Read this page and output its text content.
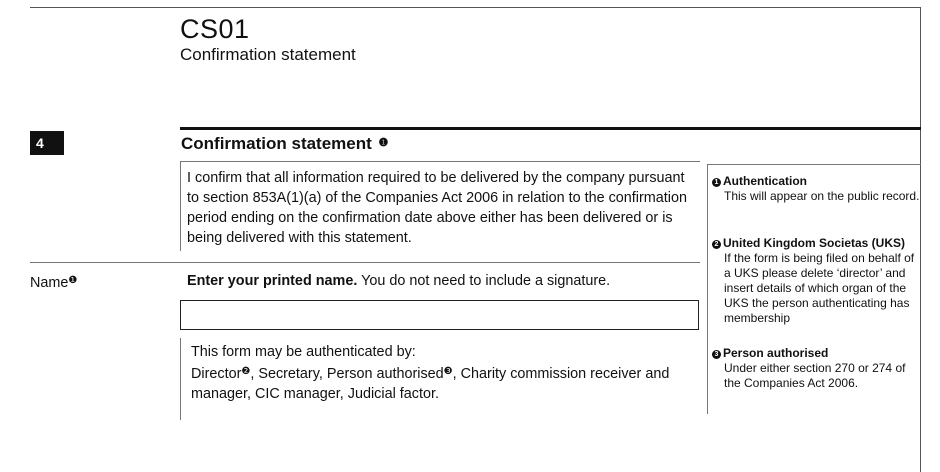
CS01
Confirmation statement
4	Confirmation statement $^❶$
I confirm that all information required to be delivered by the company pursuant to section 853A(1)(a) of the Companies Act 2006 in relation to the confirmation period ending on the confirmation date above either has been delivered or is being delivered with this statement.
Name$^❶$	Enter your printed name. You do not need to include a signature.
This form may be authenticated by:
Director$^❷$, Secretary, Person authorised$^❸$, Charity commission receiver and manager, CIC manager, Judicial factor.
1 Authentication
This will appear on the public record.
2 United Kingdom Societas (UKS)
If the form is being filed on behalf of a UKS please delete ‘director’ and insert details of which organ of the UKS the person authenticating has membership
3 Person authorised
Under either section 270 or 274 of the Companies Act 2006.
